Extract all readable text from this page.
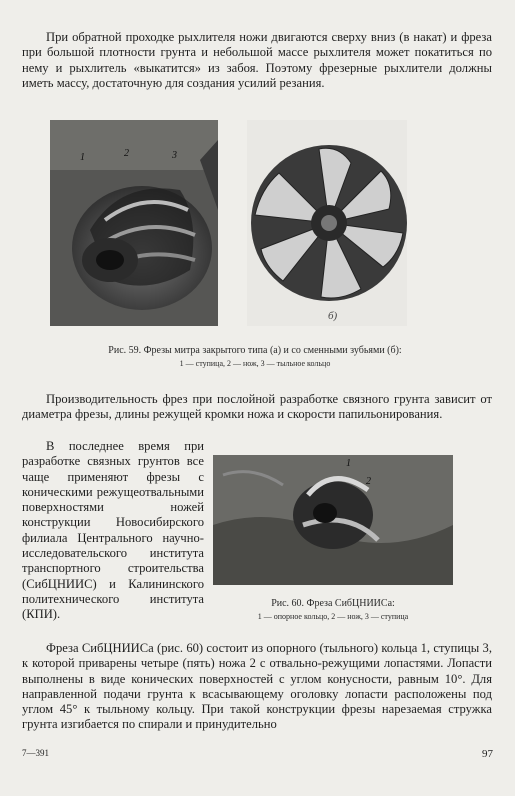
При обратной проходке рыхлителя ножи двигаются сверху вниз (в накат) и фреза при большой плотности грунта и небольшой массе рыхлителя может покатиться по нему и рыхлитель «выкатится» из забоя. Поэтому фрезерные рыхлители должны иметь массу, достаточную для создания усилий резания.

1	2	3
б)
Рис. 59. Фрезы митра закрытого типа (а) и со сменными зубьями (б):
1 — ступица, 2 — нож, 3 — тыльное кольцо

Производительность фрез при послойной разработке связного грунта зависит от диаметра фрезы, длины режущей кромки ножа и скорости папильонирования.

В последнее время при разработке связных грунтов все чаще применяют фрезы с коническими режущеотвальными поверхностями ножей конструкции Новосибирского филиала Центрального научно-исследовательского института транспортного строительства (СибЦНИИС) и Калининского политехнического института (КПИ).

1
2
Рис. 60. Фреза СибЦНИИСа:
1 — опорное кольцо, 2 — нож, 3 — ступица

Фреза СибЦНИИСа (рис. 60) состоит из опорного (тыльного) кольца 1, ступицы 3, к которой приварены четыре (пять) ножа 2 с отвально-режущими лопастями. Лопасти выполнены в виде конических поверхностей с углом конусности, равным 10°. Для направленной подачи грунта к всасывающему оголовку лопасти расположены под углом 45° к тыльному кольцу. При такой конструкции фрезы нарезаемая стружка грунта изгибается по спирали и принудительно

7—391	97
